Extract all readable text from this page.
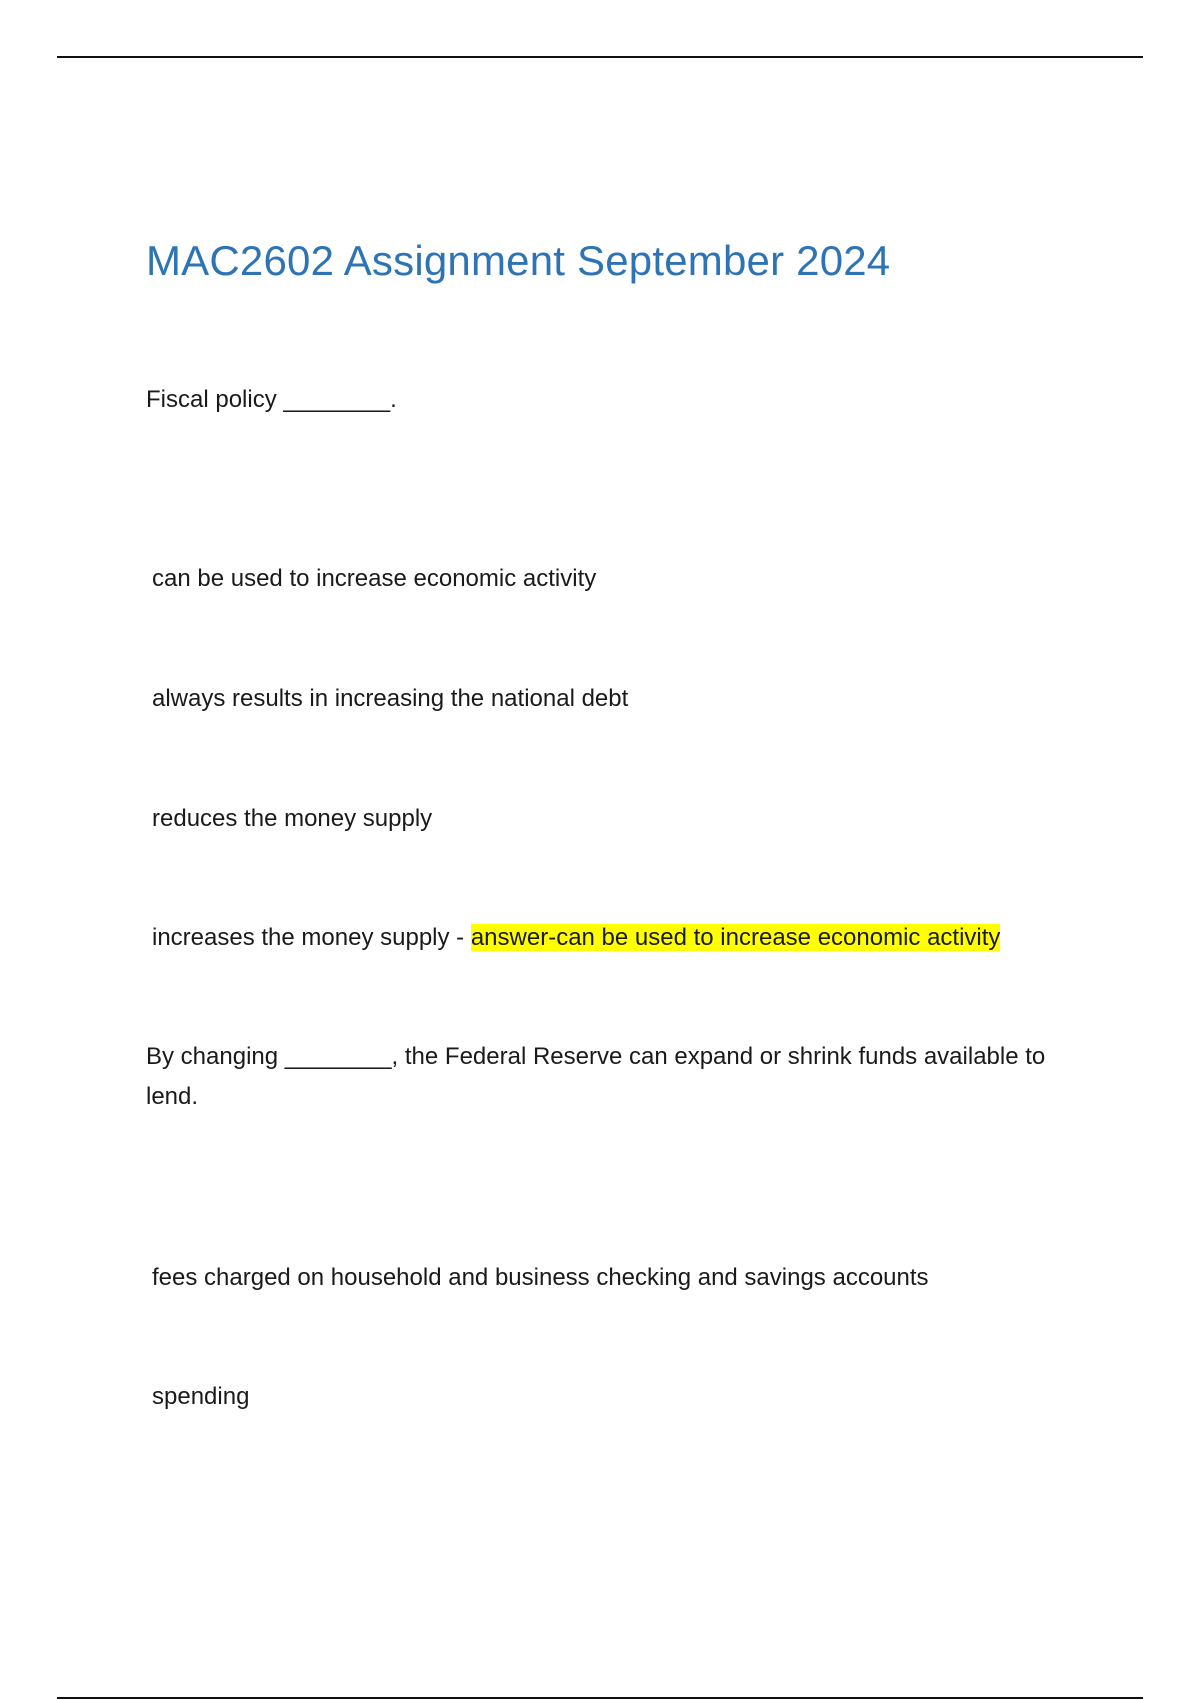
MAC2602 Assignment September 2024
Fiscal policy ________.
can be used to increase economic activity
always results in increasing the national debt
reduces the money supply
increases the money supply - answer-can be used to increase economic activity
By changing ________, the Federal Reserve can expand or shrink funds available to lend.
fees charged on household and business checking and savings accounts
spending
